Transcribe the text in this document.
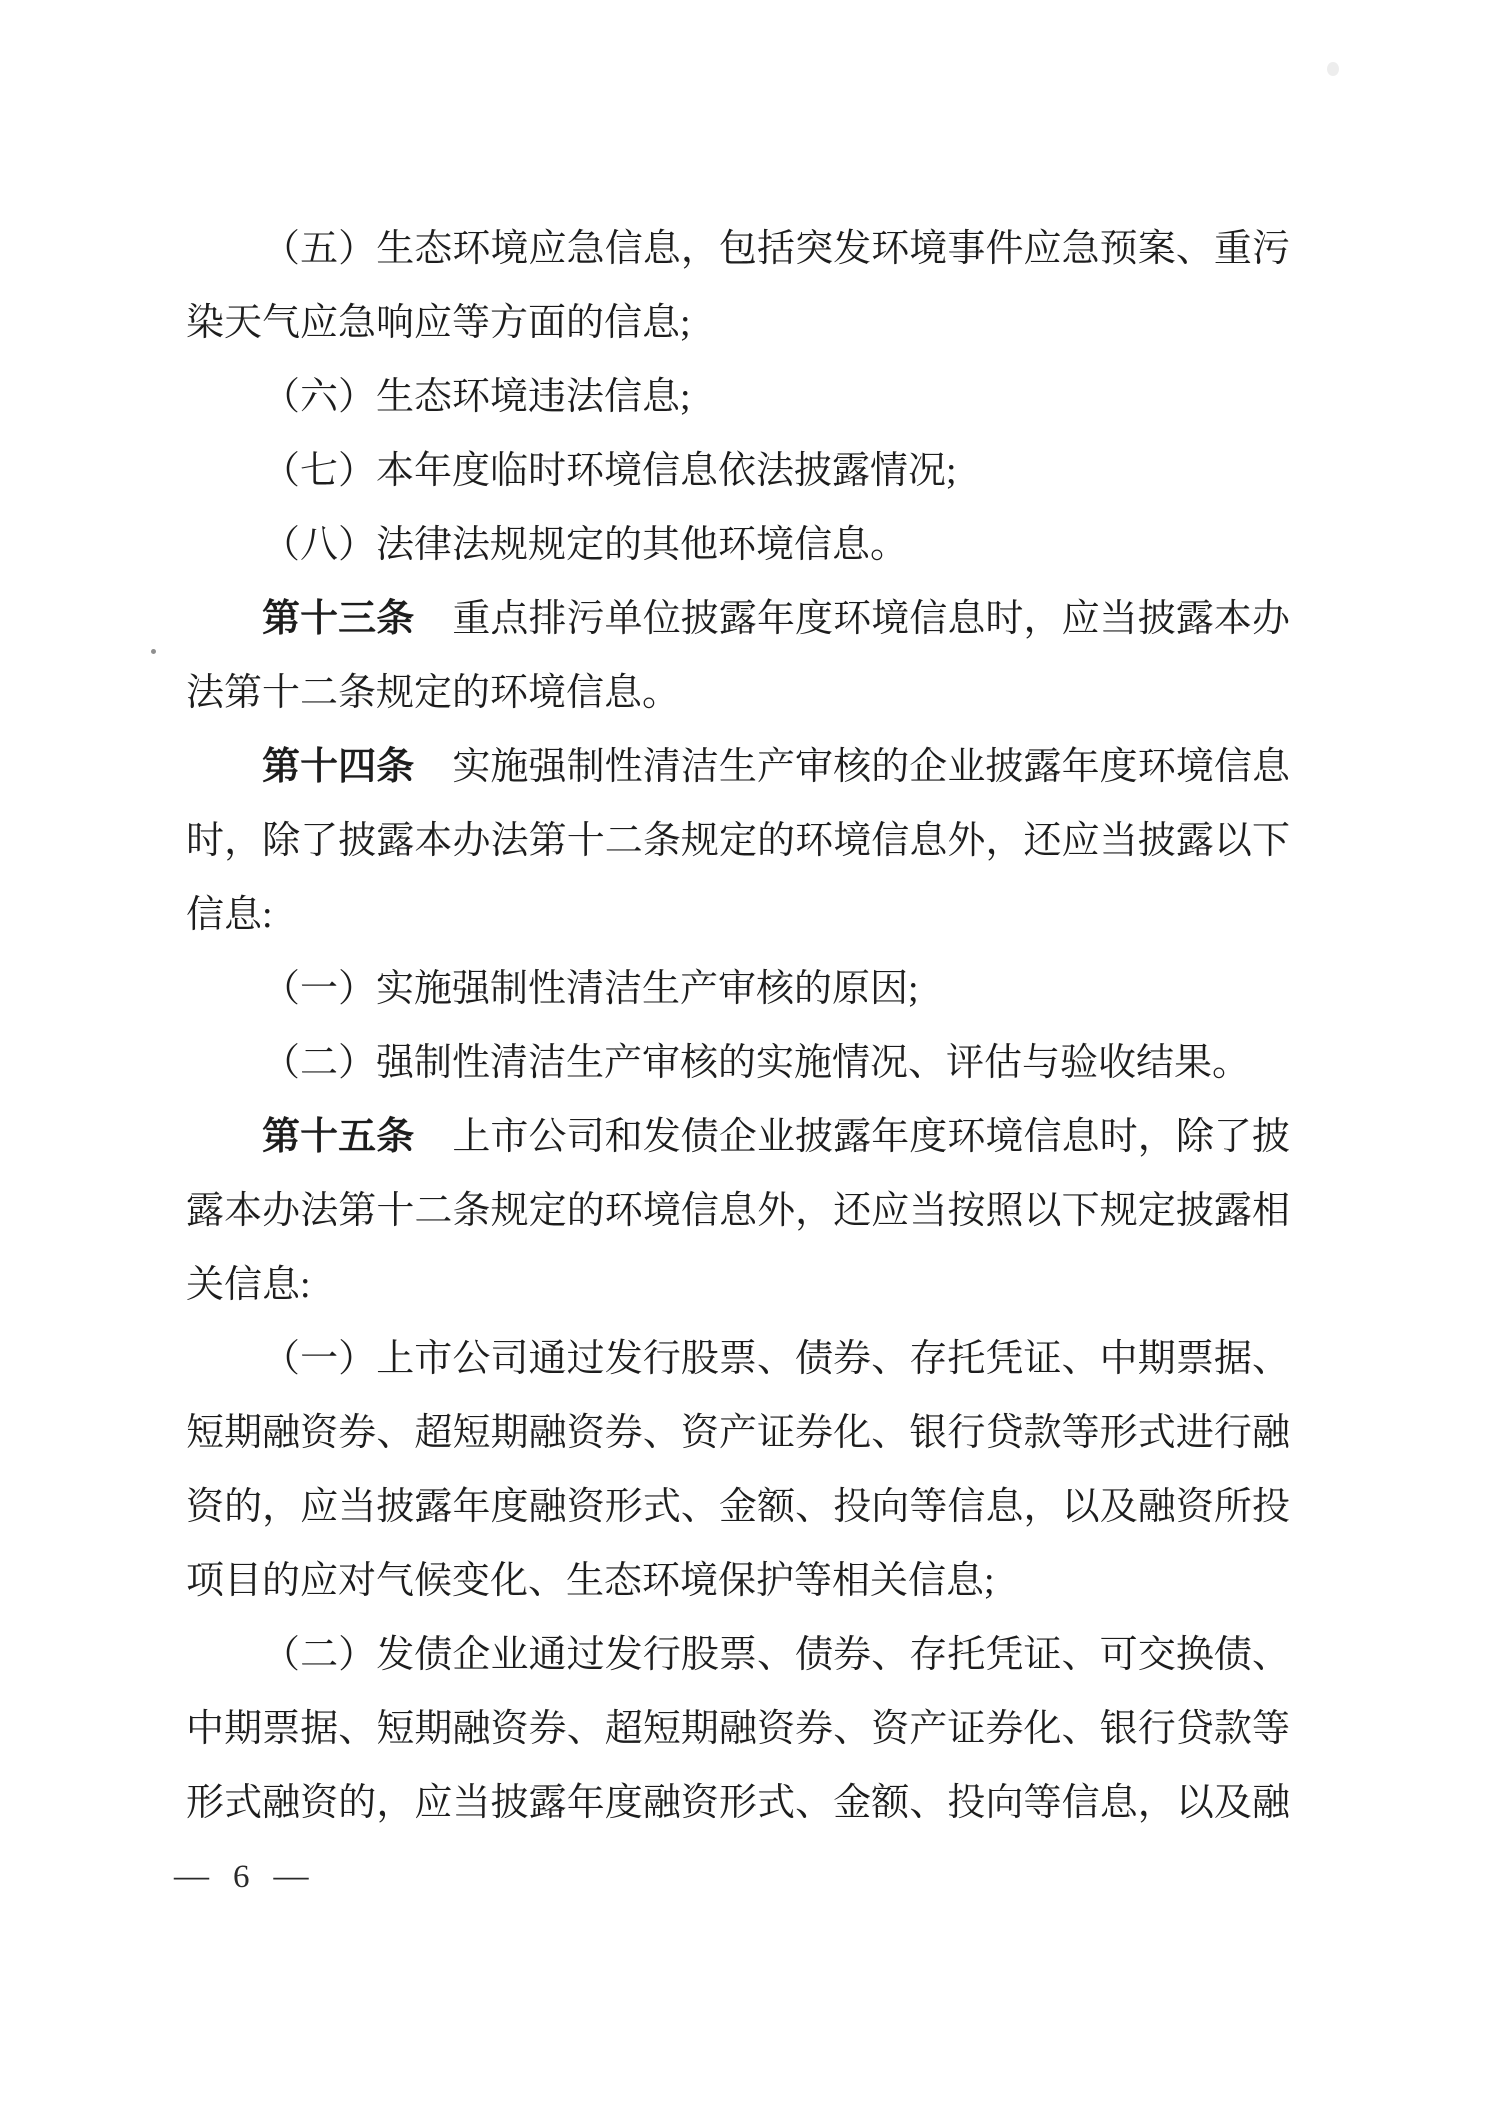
（五）生态环境应急信息，包括突发环境事件应急预案、重污
染天气应急响应等方面的信息;
（六）生态环境违法信息;
（七）本年度临时环境信息依法披露情况;
（八）法律法规规定的其他环境信息。
第十三条 重点排污单位披露年度环境信息时，应当披露本办
法第十二条规定的环境信息。
第十四条 实施强制性清洁生产审核的企业披露年度环境信息
时，除了披露本办法第十二条规定的环境信息外，还应当披露以下
信息:
（一）实施强制性清洁生产审核的原因;
（二）强制性清洁生产审核的实施情况、评估与验收结果。
第十五条 上市公司和发债企业披露年度环境信息时，除了披
露本办法第十二条规定的环境信息外，还应当按照以下规定披露相
关信息:
（一）上市公司通过发行股票、债券、存托凭证、中期票据、
短期融资券、超短期融资券、资产证券化、银行贷款等形式进行融
资的，应当披露年度融资形式、金额、投向等信息，以及融资所投
项目的应对气候变化、生态环境保护等相关信息;
（二）发债企业通过发行股票、债券、存托凭证、可交换债、
中期票据、短期融资券、超短期融资券、资产证券化、银行贷款等
形式融资的，应当披露年度融资形式、金额、投向等信息，以及融
— 6 —
